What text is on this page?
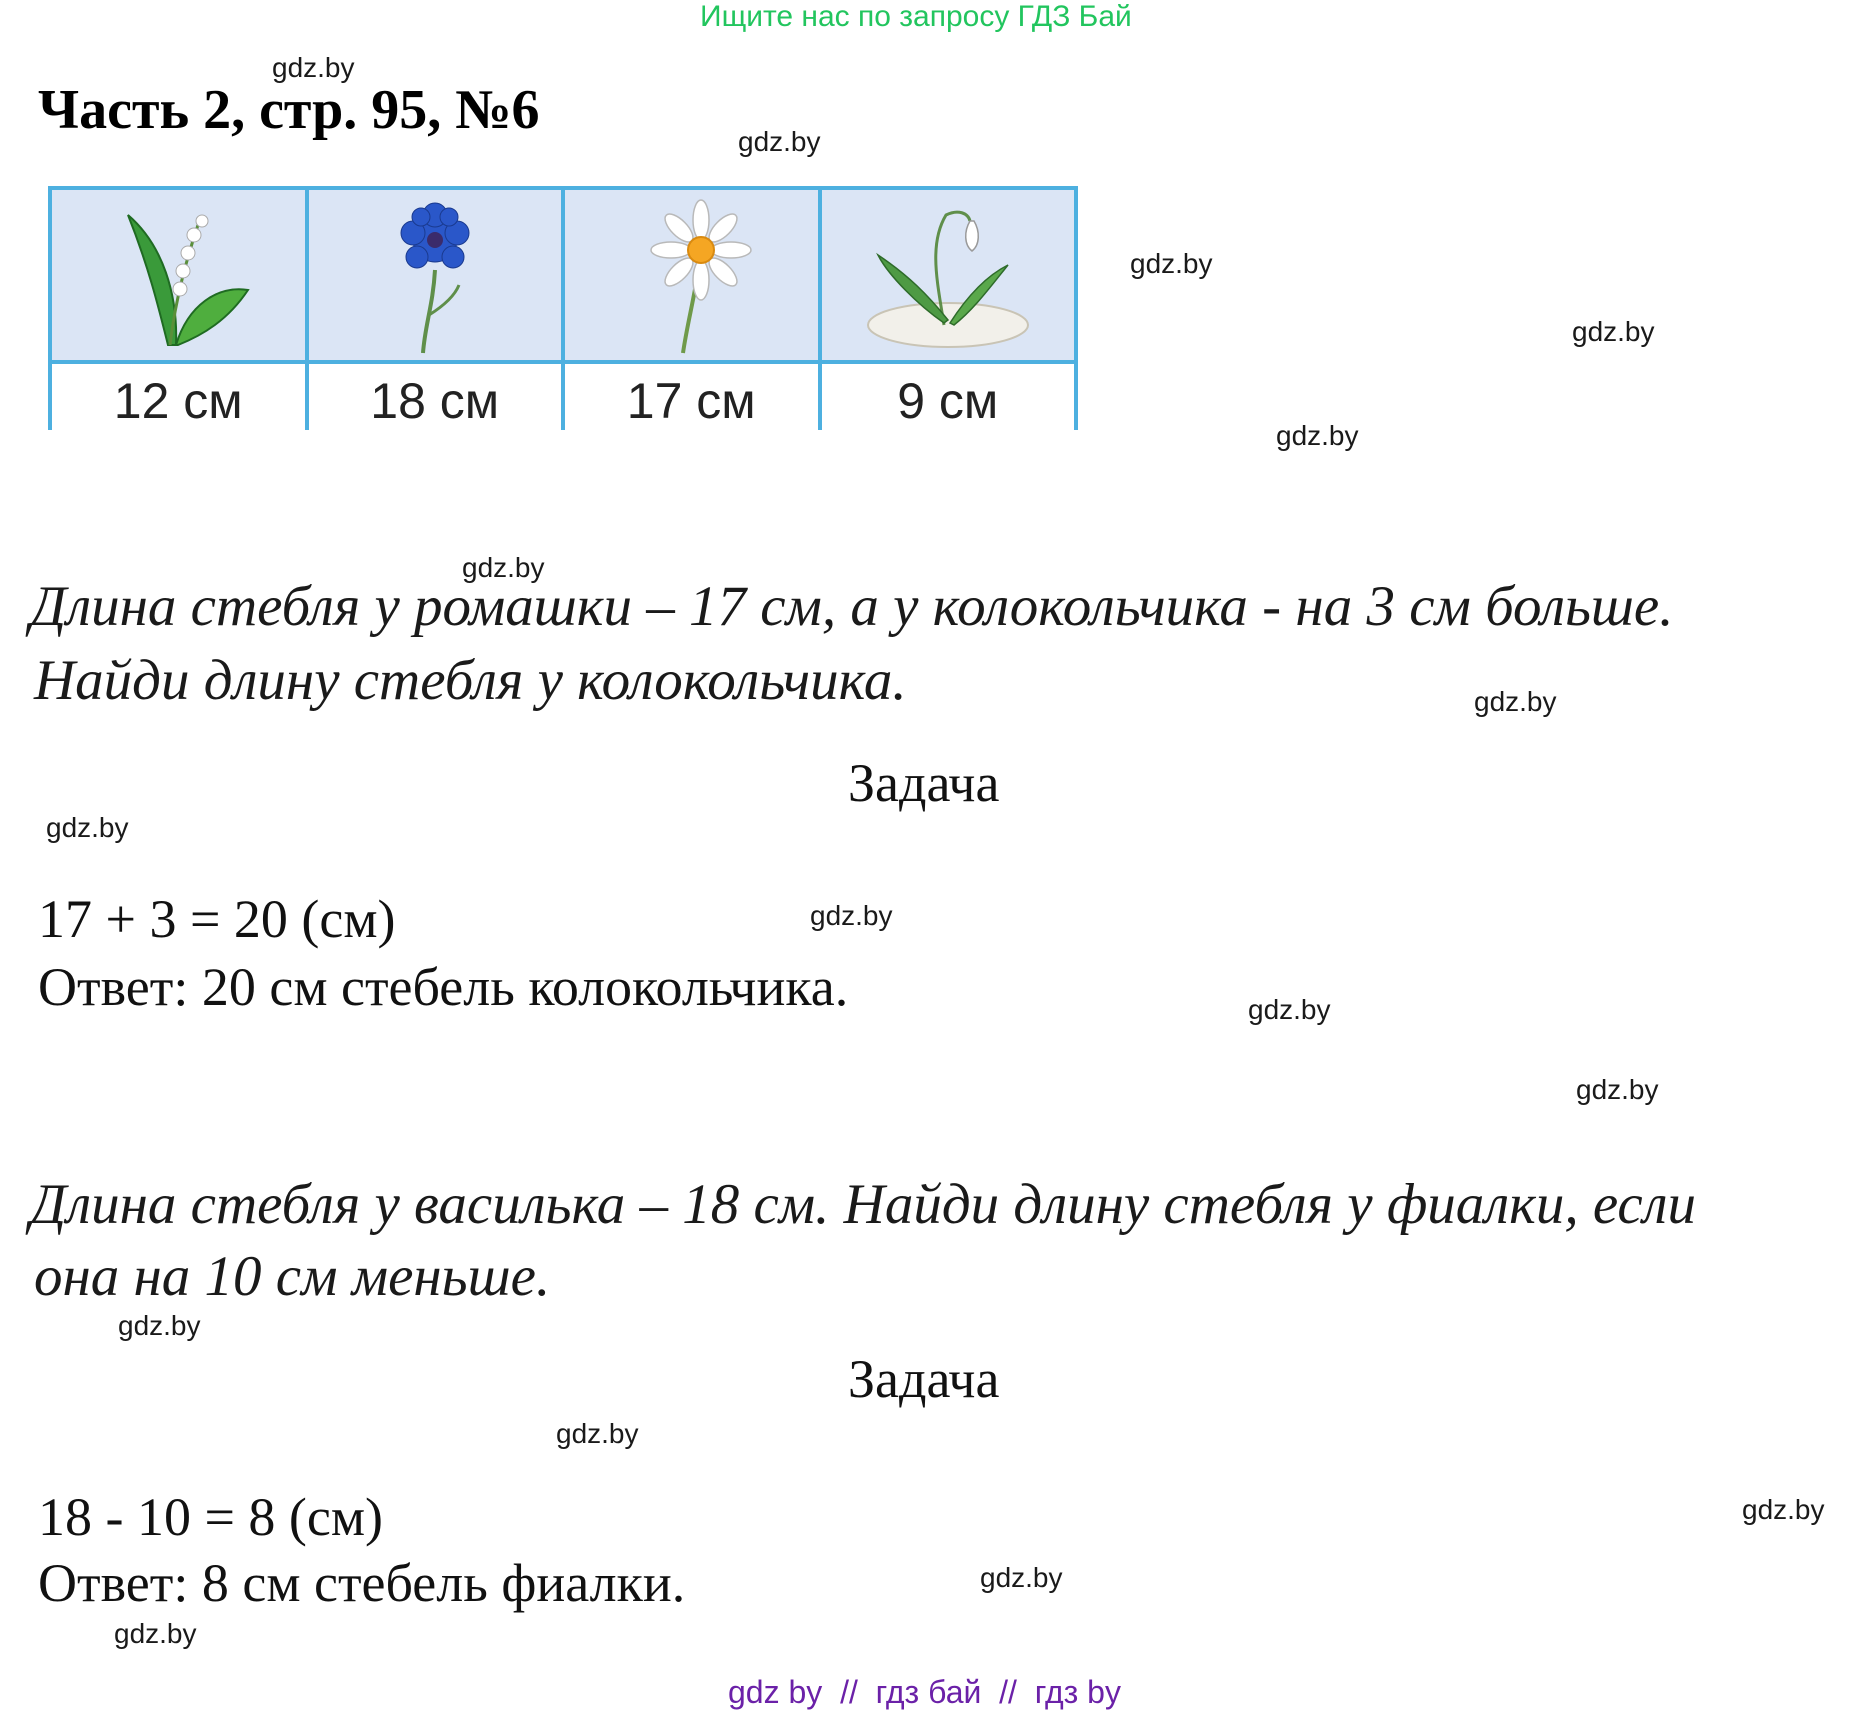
Ищите нас по запросу ГДЗ Бай
Часть 2, стр. 95, №6

12 см	18 см	17 см	9 см
Длина стебля у ромашки – 17 см, а у колокольчика - на 3 см больше.
Найди длину стебля у колокольчика.
Задача
17 + 3 = 20 (см)
Ответ: 20 см стебель колокольчика.
Длина стебля у василька – 18 см. Найди длину стебля у фиалки, если
она на 10 см меньше.
Задача
18 - 10 = 8 (см)
Ответ: 8 см стебель фиалки.
gdz.by
gdz.by
gdz.by
gdz.by
gdz.by
gdz.by
gdz.by
gdz.by
gdz.by
gdz.by
gdz.by
gdz.by
gdz.by
gdz.by
gdz.by
gdz.by
gdz by  //  гдз бай  //  гдз by
